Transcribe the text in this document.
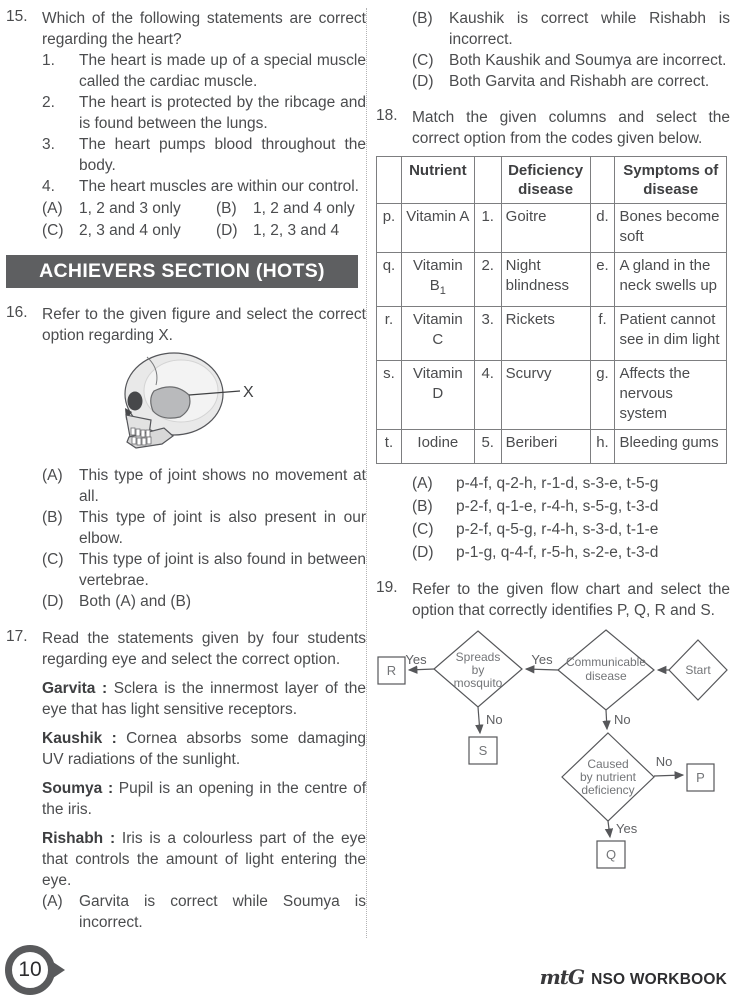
15. Which of the following statements are correct regarding the heart?
1.	The heart is made up of a special muscle called the cardiac muscle.
2.	The heart is protected by the ribcage and is found between the lungs.
3.	The heart pumps blood throughout the body.
4.	The heart muscles are within our control.
(A)	1, 2 and 3 only	(B)	1, 2 and 4 only
(C) 2, 3 and 4 only	(D) 1, 2, 3 and 4
ACHIEVERS SECTION (HOTS)
16. Refer to the given figure and select the correct option regarding X.
X
(A)	This type of joint shows no movement at all.
(B)	This type of joint is also present in our elbow.
(C) This type of joint is also found in between vertebrae.
(D) Both (A) and (B)
17. Read the statements given by four students regarding eye and select the correct option.
Garvita : Sclera is the innermost layer of the eye that has light sensitive receptors.
Kaushik : Cornea absorbs some damaging UV radiations of the sunlight.
Soumya : Pupil is an opening in the centre of the iris.
Rishabh : Iris is a colourless part of the eye that controls the amount of light entering the eye.
(A)	Garvita is correct while Soumya is incorrect.
(B)	Kaushik is correct while Rishabh is incorrect.
(C) Both Kaushik and Soumya are incorrect.
(D) Both Garvita and Rishabh are correct.
18. Match the given columns and select the correct option from the codes given below.
	Nutrient		Deficiency disease		Symptoms of disease
p.	Vitamin A	1.	Goitre	d.	Bones become soft
q.	Vitamin $B_1$	2.	Night blindness	e.	A gland in the neck swells up
r.	Vitamin C	3.	Rickets	f.	Patient cannot see in dim light
s.	Vitamin D	4.	Scurvy	g.	Affects the nervous system
t.	Iodine	5.	Beriberi	h.	Bleeding gums
(A)	p-4-f, q-2-h, r-1-d, s-3-e, t-5-g
(B)	p-2-f, q-1-e, r-4-h, s-5-g, t-3-d
(C)	p-2-f, q-5-g, r-4-h, s-3-d, t-1-e
(D)	p-1-g, q-4-f, r-5-h, s-2-e, t-3-d
19. Refer to the given flow chart and select the option that correctly identifies P, Q, R and S.
Start
Communicable disease
Spreads by mosquito
Caused by nutrient deficiency
R
S
P
Q
Yes	Yes
No	No
No
Yes
10	mtG NSO WORKBOOK
